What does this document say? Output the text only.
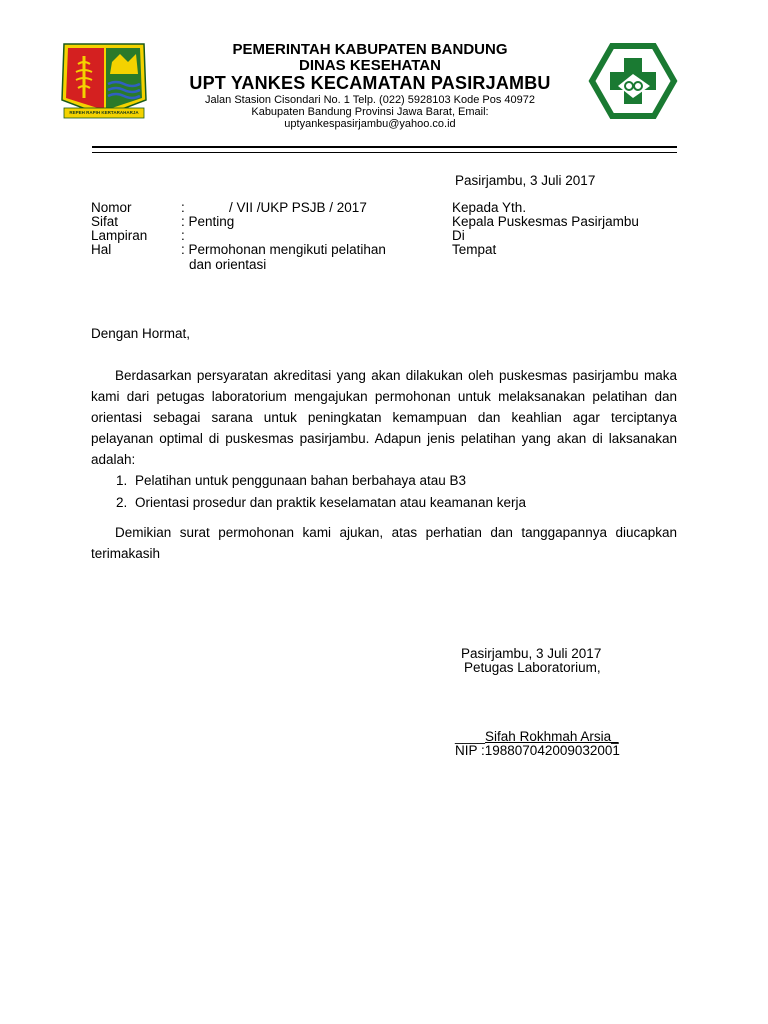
REPEH RAPIH KERTARAHARJA
PEMERINTAH KABUPATEN BANDUNG
DINAS KESEHATAN
UPT YANKES KECAMATAN PASIRJAMBU
Jalan Stasion Cisondari No. 1 Telp. (022) 5928103 Kode Pos 40972
Kabupaten Bandung Provinsi Jawa Barat, Email:
uptyankespasirjambu@yahoo.co.id
Pasirjambu, 3 Juli 2017
Nomor	:	/ VII /UKP PSJB / 2017
Sifat	: Penting
Lampiran :
Hal	: Permohonan mengikuti pelatihan
dan orientasi
Kepada Yth.
Kepala Puskesmas Pasirjambu
Di
Tempat
Dengan Hormat,
Berdasarkan persyaratan akreditasi yang akan dilakukan oleh puskesmas pasirjambu maka kami dari petugas laboratorium mengajukan permohonan untuk melaksanakan pelatihan dan orientasi sebagai sarana untuk peningkatan kemampuan dan keahlian agar terciptanya pelayanan optimal di puskesmas pasirjambu. Adapun jenis pelatihan yang akan di laksanakan adalah:
1. Pelatihan untuk penggunaan bahan berbahaya atau B3
2. Orientasi prosedur dan praktik keselamatan atau keamanan kerja
Demikian surat permohonan kami ajukan, atas perhatian dan tanggapannya diucapkan terimakasih
Pasirjambu, 3 Juli 2017
Petugas Laboratorium,
____Sifah Rokhmah Arsia_
NIP :198807042009032001
